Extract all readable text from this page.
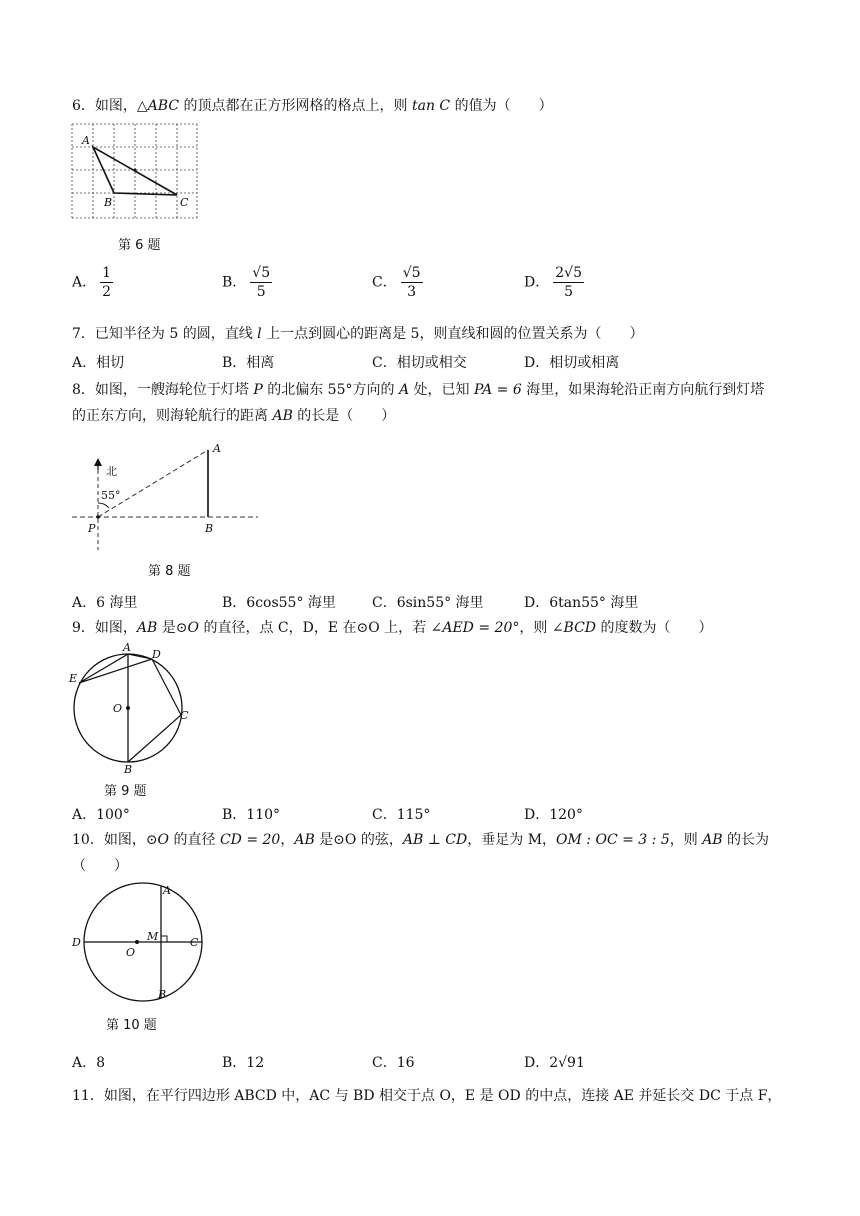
6．如图，△ABC 的顶点都在正方形网格的格点上，则 tan C 的值为（　　）
A
B	C
第 6 题
A． $\frac{1}{2}$	B． $\frac{√5}{5}$	C． $\frac{√5}{3}$	D． $\frac{2√5}{5}$
7．已知半径为 5 的圆，直线 l 上一点到圆心的距离是 5，则直线和圆的位置关系为（　　）
A．相切	B．相离	C．相切或相交	D．相切或相离
8．如图，一艘海轮位于灯塔 P 的北偏东 55°方向的 A 处，已知 PA = 6 海里，如果海轮沿正南方向航行到灯塔
的正东方向，则海轮航行的距离 AB 的长是（　　）
北
55°
A
B
P
第 8 题
A．6 海里	B．6cos55° 海里	C．6sin55° 海里	D．6tan55° 海里
9．如图，AB 是⊙O 的直径，点 C，D，E 在⊙O 上，若 ∠AED = 20°，则 ∠BCD 的度数为（　　）
A
D
E
O
C
B
第 9 题
A．100°	B．110°	C．115°	D．120°
10．如图，⊙O 的直径 CD = 20，AB 是⊙O 的弦，AB ⊥ CD，垂足为 M，OM : OC = 3 : 5，则 AB 的长为
（　　）
A
D	C
M
O
B
第 10 题
A．8	B．12	C．16	D．2√91
11．如图，在平行四边形 ABCD 中，AC 与 BD 相交于点 O，E 是 OD 的中点，连接 AE 并延长交 DC 于点 F，
